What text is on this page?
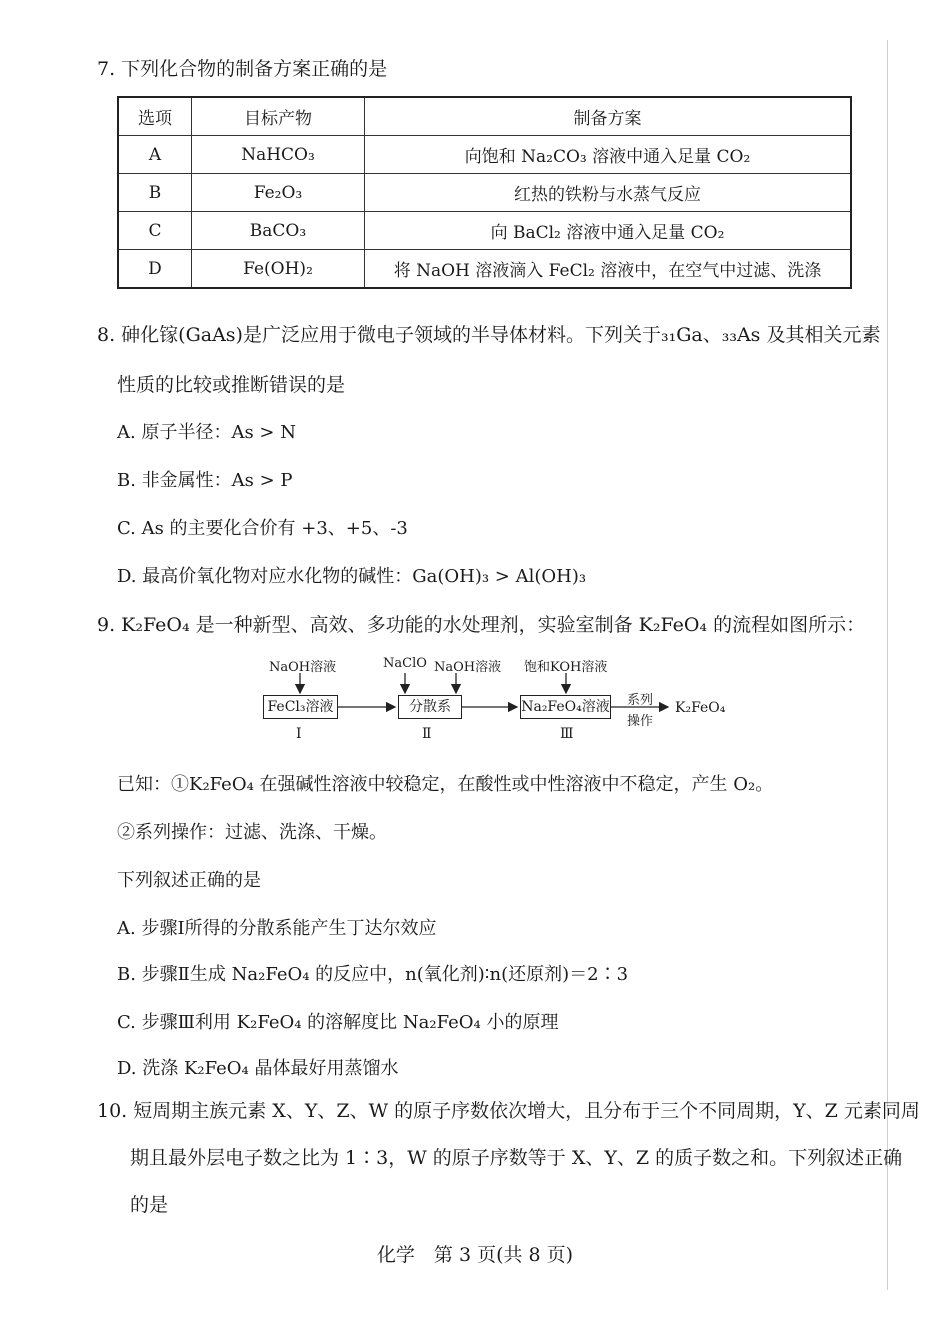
7. 下列化合物的制备方案正确的是
选项	目标产物	制备方案
A	NaHCO₃	向饱和 Na₂CO₃ 溶液中通入足量 CO₂
B	Fe₂O₃	红热的铁粉与水蒸气反应
C	BaCO₃	向 BaCl₂ 溶液中通入足量 CO₂
D	Fe(OH)₂	将 NaOH 溶液滴入 FeCl₂ 溶液中，在空气中过滤、洗涤
8. 砷化镓(GaAs)是广泛应用于微电子领域的半导体材料。下列关于₃₁Ga、₃₃As 及其相关元素
性质的比较或推断错误的是
A. 原子半径：As > N
B. 非金属性：As > P
C. As 的主要化合价有 +3、+5、-3
D. 最高价氧化物对应水化物的碱性：Ga(OH)₃ > Al(OH)₃
9. K₂FeO₄ 是一种新型、高效、多功能的水处理剂，实验室制备 K₂FeO₄ 的流程如图所示：
NaOH溶液	NaClO NaOH溶液 饱和KOH溶液
FeCl₃溶液	分散系	Na₂FeO₄溶液 系列
操作
K₂FeO₄
Ⅰ	Ⅱ	Ⅲ
已知：①K₂FeO₄ 在强碱性溶液中较稳定，在酸性或中性溶液中不稳定，产生 O₂。
②系列操作：过滤、洗涤、干燥。
下列叙述正确的是
A. 步骤Ⅰ所得的分散系能产生丁达尔效应
B. 步骤Ⅱ生成 Na₂FeO₄ 的反应中，n(氧化剂)∶n(还原剂)＝2∶3
C. 步骤Ⅲ利用 K₂FeO₄ 的溶解度比 Na₂FeO₄ 小的原理
D. 洗涤 K₂FeO₄ 晶体最好用蒸馏水
10. 短周期主族元素 X、Y、Z、W 的原子序数依次增大，且分布于三个不同周期，Y、Z 元素同周
期且最外层电子数之比为 1∶3，W 的原子序数等于 X、Y、Z 的质子数之和。下列叙述正确
的是
化学　第 3 页(共 8 页)
